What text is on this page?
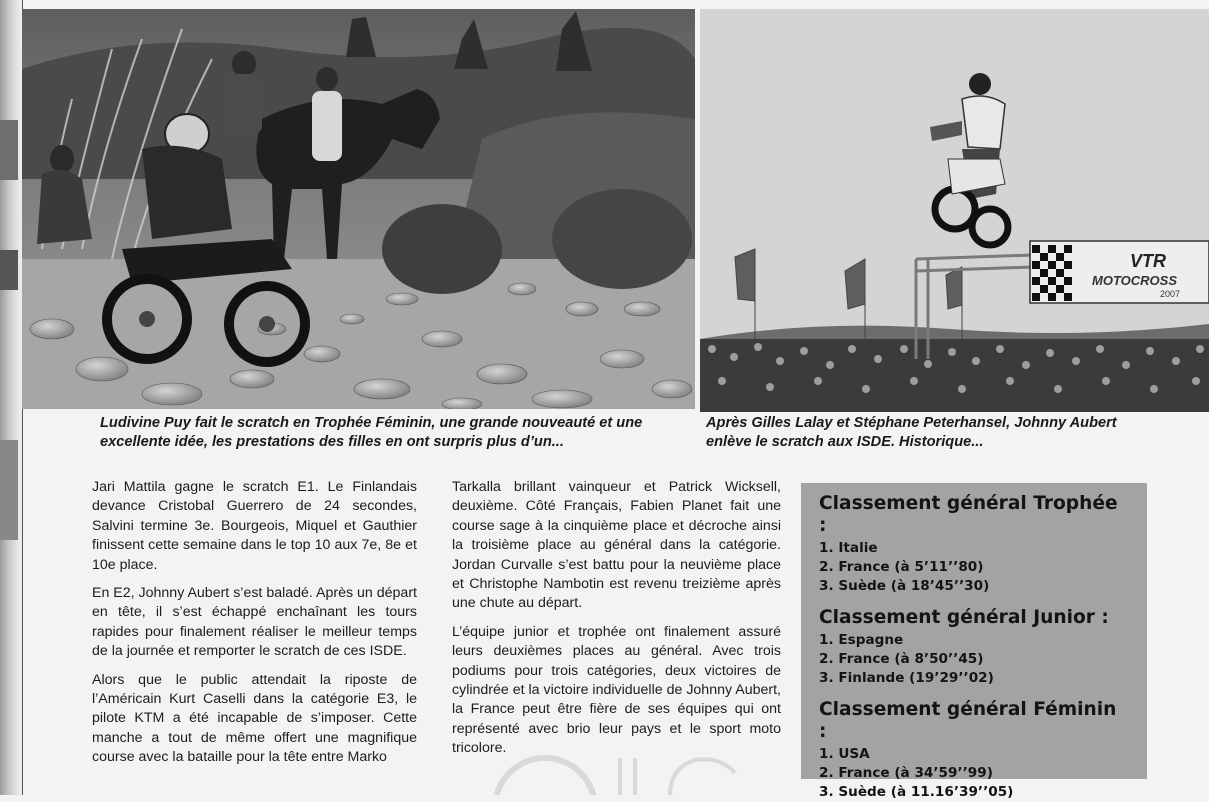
VTR
MOTOCROSS
2007

Ludivine Puy fait le scratch en Trophée Féminin, une grande nouveauté et une excellente idée, les prestations des filles en ont surpris plus d’un...

Après Gilles Lalay et Stéphane Peterhansel, Johnny Aubert enlève le scratch aux ISDE. Historique...

Jari Mattila gagne le scratch E1. Le Finlandais devance Cristobal Guerrero de 24 secondes, Salvini termine 3e. Bourgeois, Miquel et Gauthier finissent cette semaine dans le top 10 aux 7e, 8e et 10e place.

En E2, Johnny Aubert s’est baladé. Après un départ en tête, il s’est échappé enchaînant les tours rapides pour finalement réaliser le meilleur temps de la journée et remporter le scratch de ces ISDE.

Alors que le public attendait la riposte de l’Américain Kurt Caselli dans la catégorie E3, le pilote KTM a été incapable de s’imposer. Cette manche a tout de même offert une magnifique course avec la bataille pour la tête entre Marko

Tarkalla brillant vainqueur et Patrick Wicksell, deuxième. Côté Français, Fabien Planet fait une course sage à la cinquième place et décroche ainsi la troisième place au général dans la catégorie. Jordan Curvalle s’est battu pour la neuvième place et Christophe Nambotin est revenu treizième après une chute au départ.

L’équipe junior et trophée ont finalement assuré leurs deuxièmes places au général. Avec trois podiums pour trois catégories, deux victoires de cylindrée et la victoire individuelle de Johnny Aubert, la France peut être fière de ses équipes qui ont représenté avec brio leur pays et le sport moto tricolore.

Classement général Trophée :
1. Italie
2. France (à 5’11’’80)
3. Suède (à 18’45’’30)
Classement général Junior :
1. Espagne
2. France (à 8’50’’45)
3. Finlande (19’29’’02)
Classement général Féminin :
1. USA
2. France (à 34’59’’99)
3. Suède (à 11.16’39’’05)
